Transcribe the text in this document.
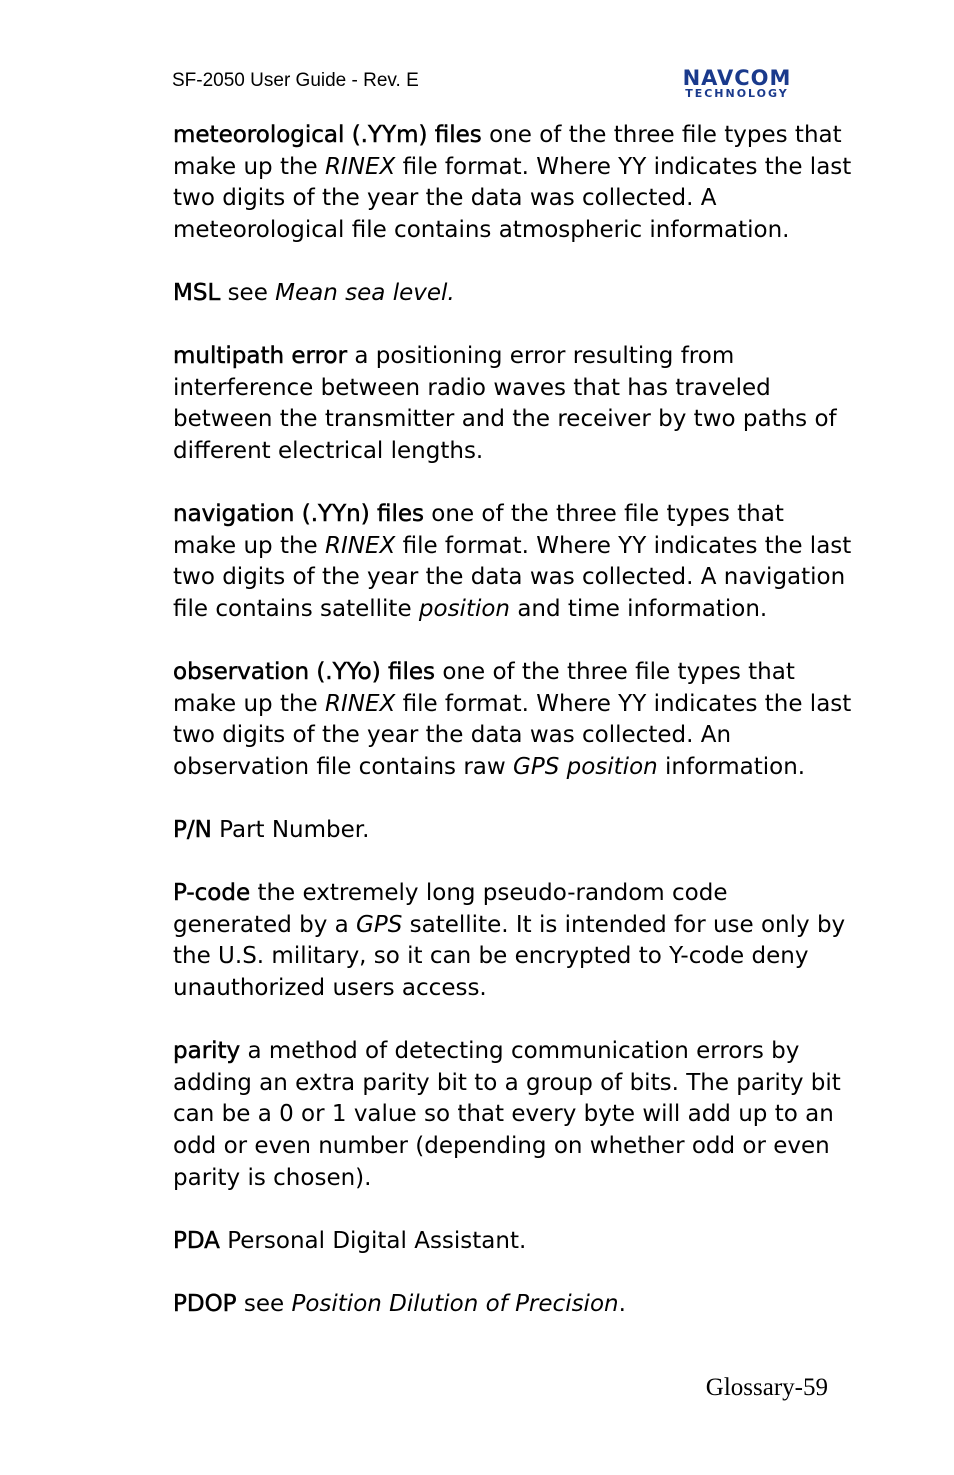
SF-2050 User Guide - Rev. E	NAVCOM
TECHNOLOGY

meteorological (.YYm) files one of the three file types that make up the RINEX file format. Where YY indicates the last two digits of the year the data was collected. A meteorological file contains atmospheric information.

MSL see Mean sea level.

multipath error a positioning error resulting from interference between radio waves that has traveled between the transmitter and the receiver by two paths of different electrical lengths.

navigation (.YYn) files one of the three file types that make up the RINEX file format. Where YY indicates the last two digits of the year the data was collected. A navigation file contains satellite position and time information.

observation (.YYo) files one of the three file types that make up the RINEX file format. Where YY indicates the last two digits of the year the data was collected. An observation file contains raw GPS position information.

P/N Part Number.

P-code the extremely long pseudo-random code generated by a GPS satellite. It is intended for use only by the U.S. military, so it can be encrypted to Y-code deny unauthorized users access.

parity a method of detecting communication errors by adding an extra parity bit to a group of bits. The parity bit can be a 0 or 1 value so that every byte will add up to an odd or even number (depending on whether odd or even parity is chosen).

PDA Personal Digital Assistant.

PDOP see Position Dilution of Precision.

Glossary-59
